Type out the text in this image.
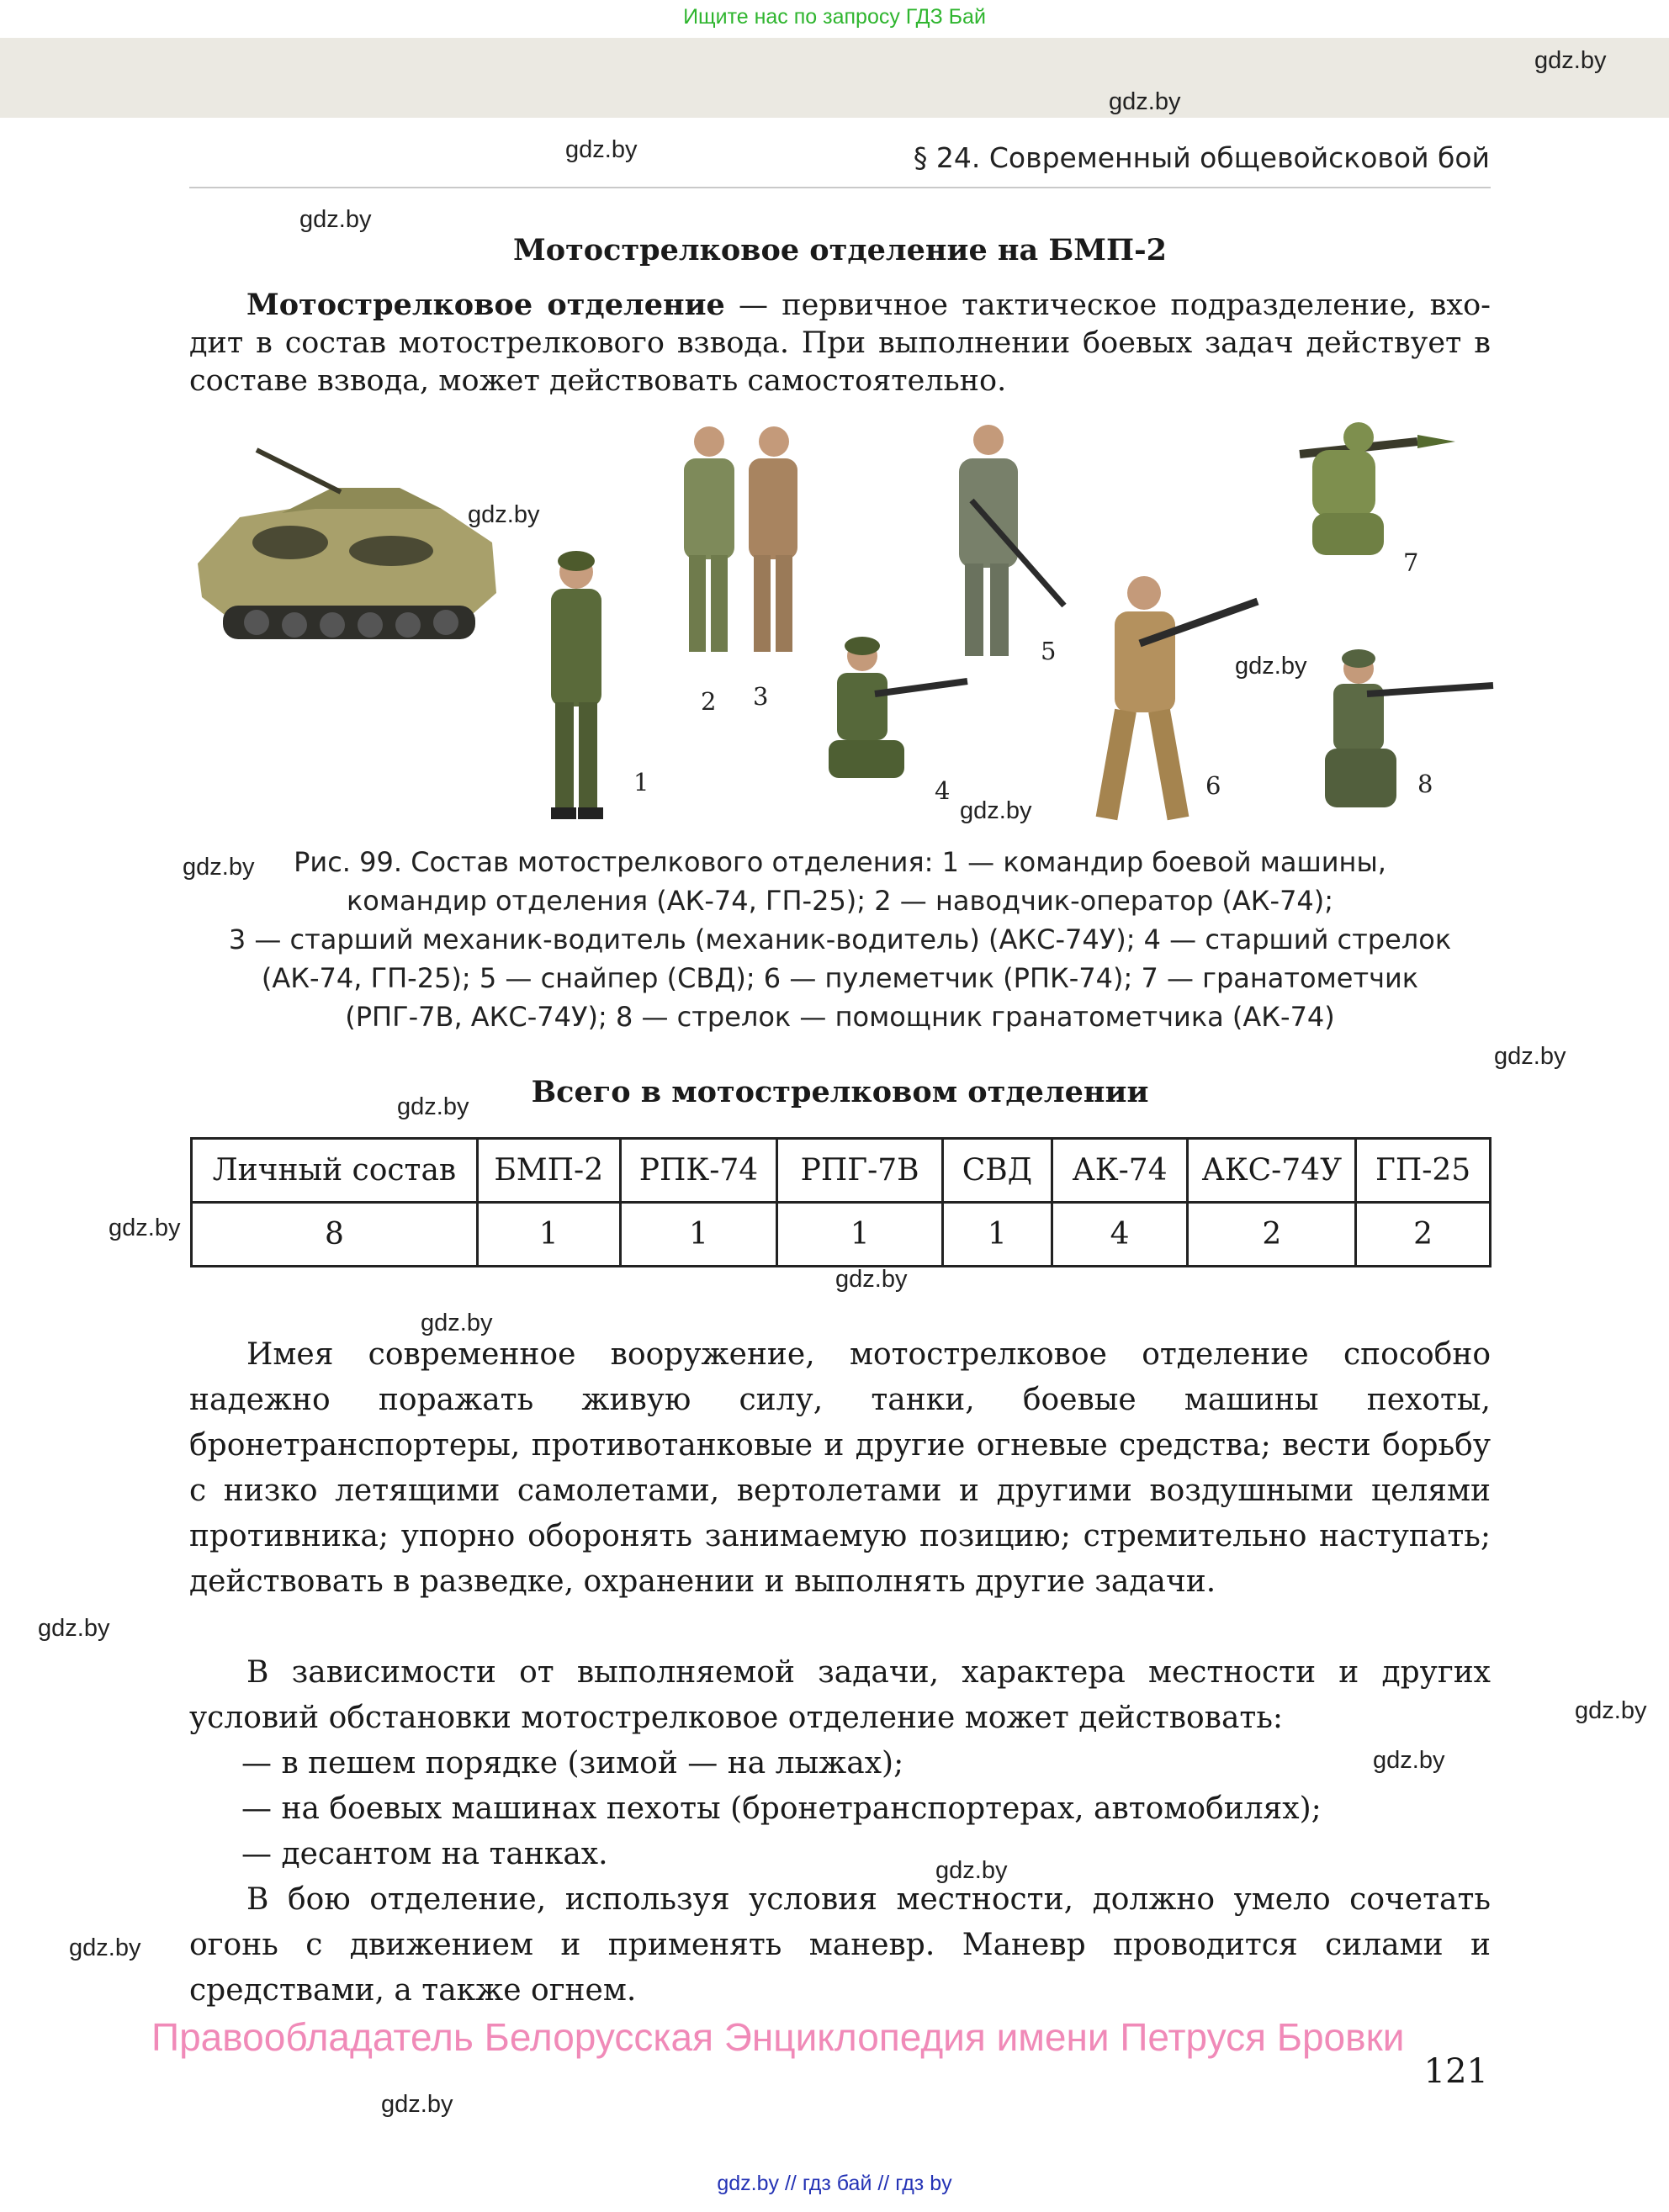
Ищите нас по запросу ГДЗ Бай
gdz.by
gdz.by
gdz.by
gdz.by
gdz.by
gdz.by
gdz.by
gdz.by
gdz.by
gdz.by
gdz.by
gdz.by
gdz.by
gdz.by
gdz.by
gdz.by
gdz.by
gdz.by
gdz.by
§ 24. Современный общевойсковой бой
Мотострелковое отделение на БМП-2

Мотострелковое отделение — первичное тактическое подразделение, вхо-
дит в состав мотострелкового взвода. При выполнении боевых задач действует в
составе взвода, может действовать самостоятельно.

1
2 3
4
5
6
7
8
Рис. 99. Состав мотострелкового отделения: 1 — командир боевой машины,
командир отделения (АК-74, ГП-25); 2 — наводчик-оператор (АК-74);
3 — старший механик-водитель (механик-водитель) (АКС-74У); 4 — старший стрелок
(АК-74, ГП-25); 5 — снайпер (СВД); 6 — пулеметчик (РПК-74); 7 — гранатометчик
(РПГ-7В, АКС-74У); 8 — стрелок — помощник гранатометчика (АК-74)
Всего в мотострелковом отделении
Личный состав	БМП-2	РПК-74	РПГ-7В	СВД	АК-74	АКС-74У	ГП-25
8	1	1	1	1	4	2	2

Имея современное вооружение, мотострелковое отделение способно надежно поражать живую силу, танки, боевые машины пехоты, бронетранспортеры, противотанковые и другие огневые средства; вести борьбу с низко летящими самолетами, вертолетами и другими воздушными целями противника; упорно оборонять занимаемую позицию; стремительно наступать; действовать в разведке, охранении и выполнять другие задачи.

В зависимости от выполняемой задачи, характера местности и других условий обстановки мотострелковое отделение может действовать:

— в пешем порядке (зимой — на лыжах);

— на боевых машинах пехоты (бронетранспортерах, автомобилях);

— десантом на танках.

В бою отделение, используя условия местности, должно умело сочетать огонь с движением и применять маневр. Маневр проводится силами и средствами, а также огнем.

Правообладатель Белорусская Энциклопедия имени Петруся Бровки
121
gdz.by // гдз бай // гдз by
